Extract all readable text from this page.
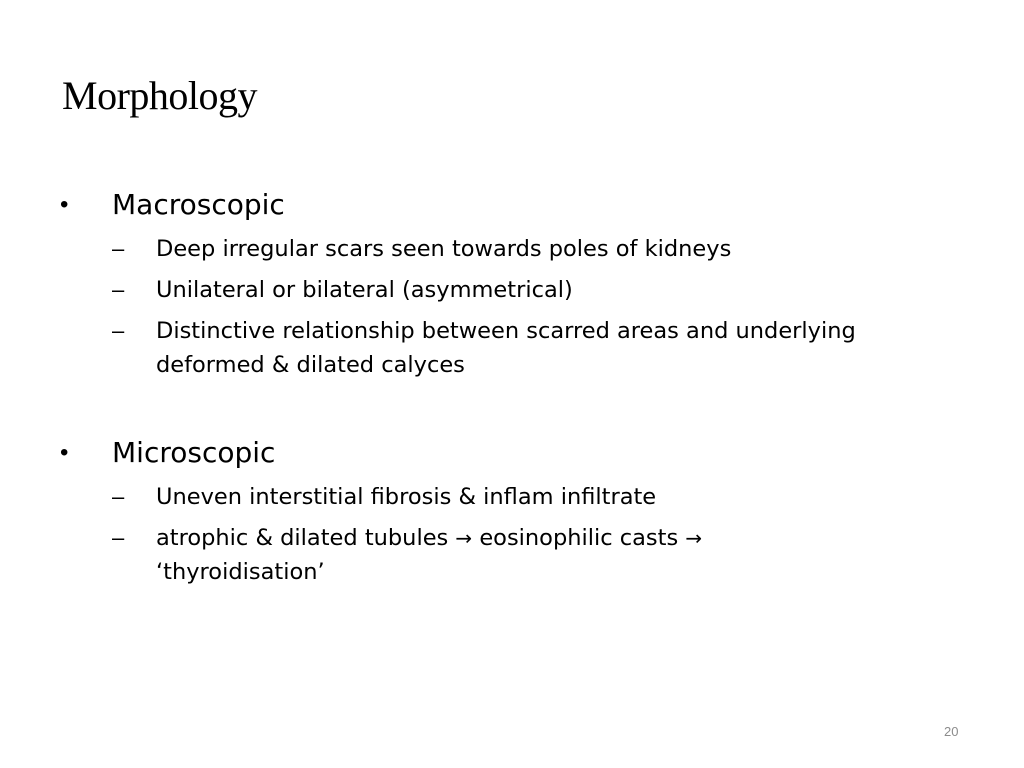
Morphology
• Macroscopic
– Deep irregular scars seen towards poles of kidneys
– Unilateral or bilateral (asymmetrical)
– Distinctive relationship between scarred areas and underlying deformed & dilated calyces
• Microscopic
– Uneven interstitial fibrosis & inflam infiltrate
– atrophic & dilated tubules → eosinophilic casts → ‘thyroidisation’
20
